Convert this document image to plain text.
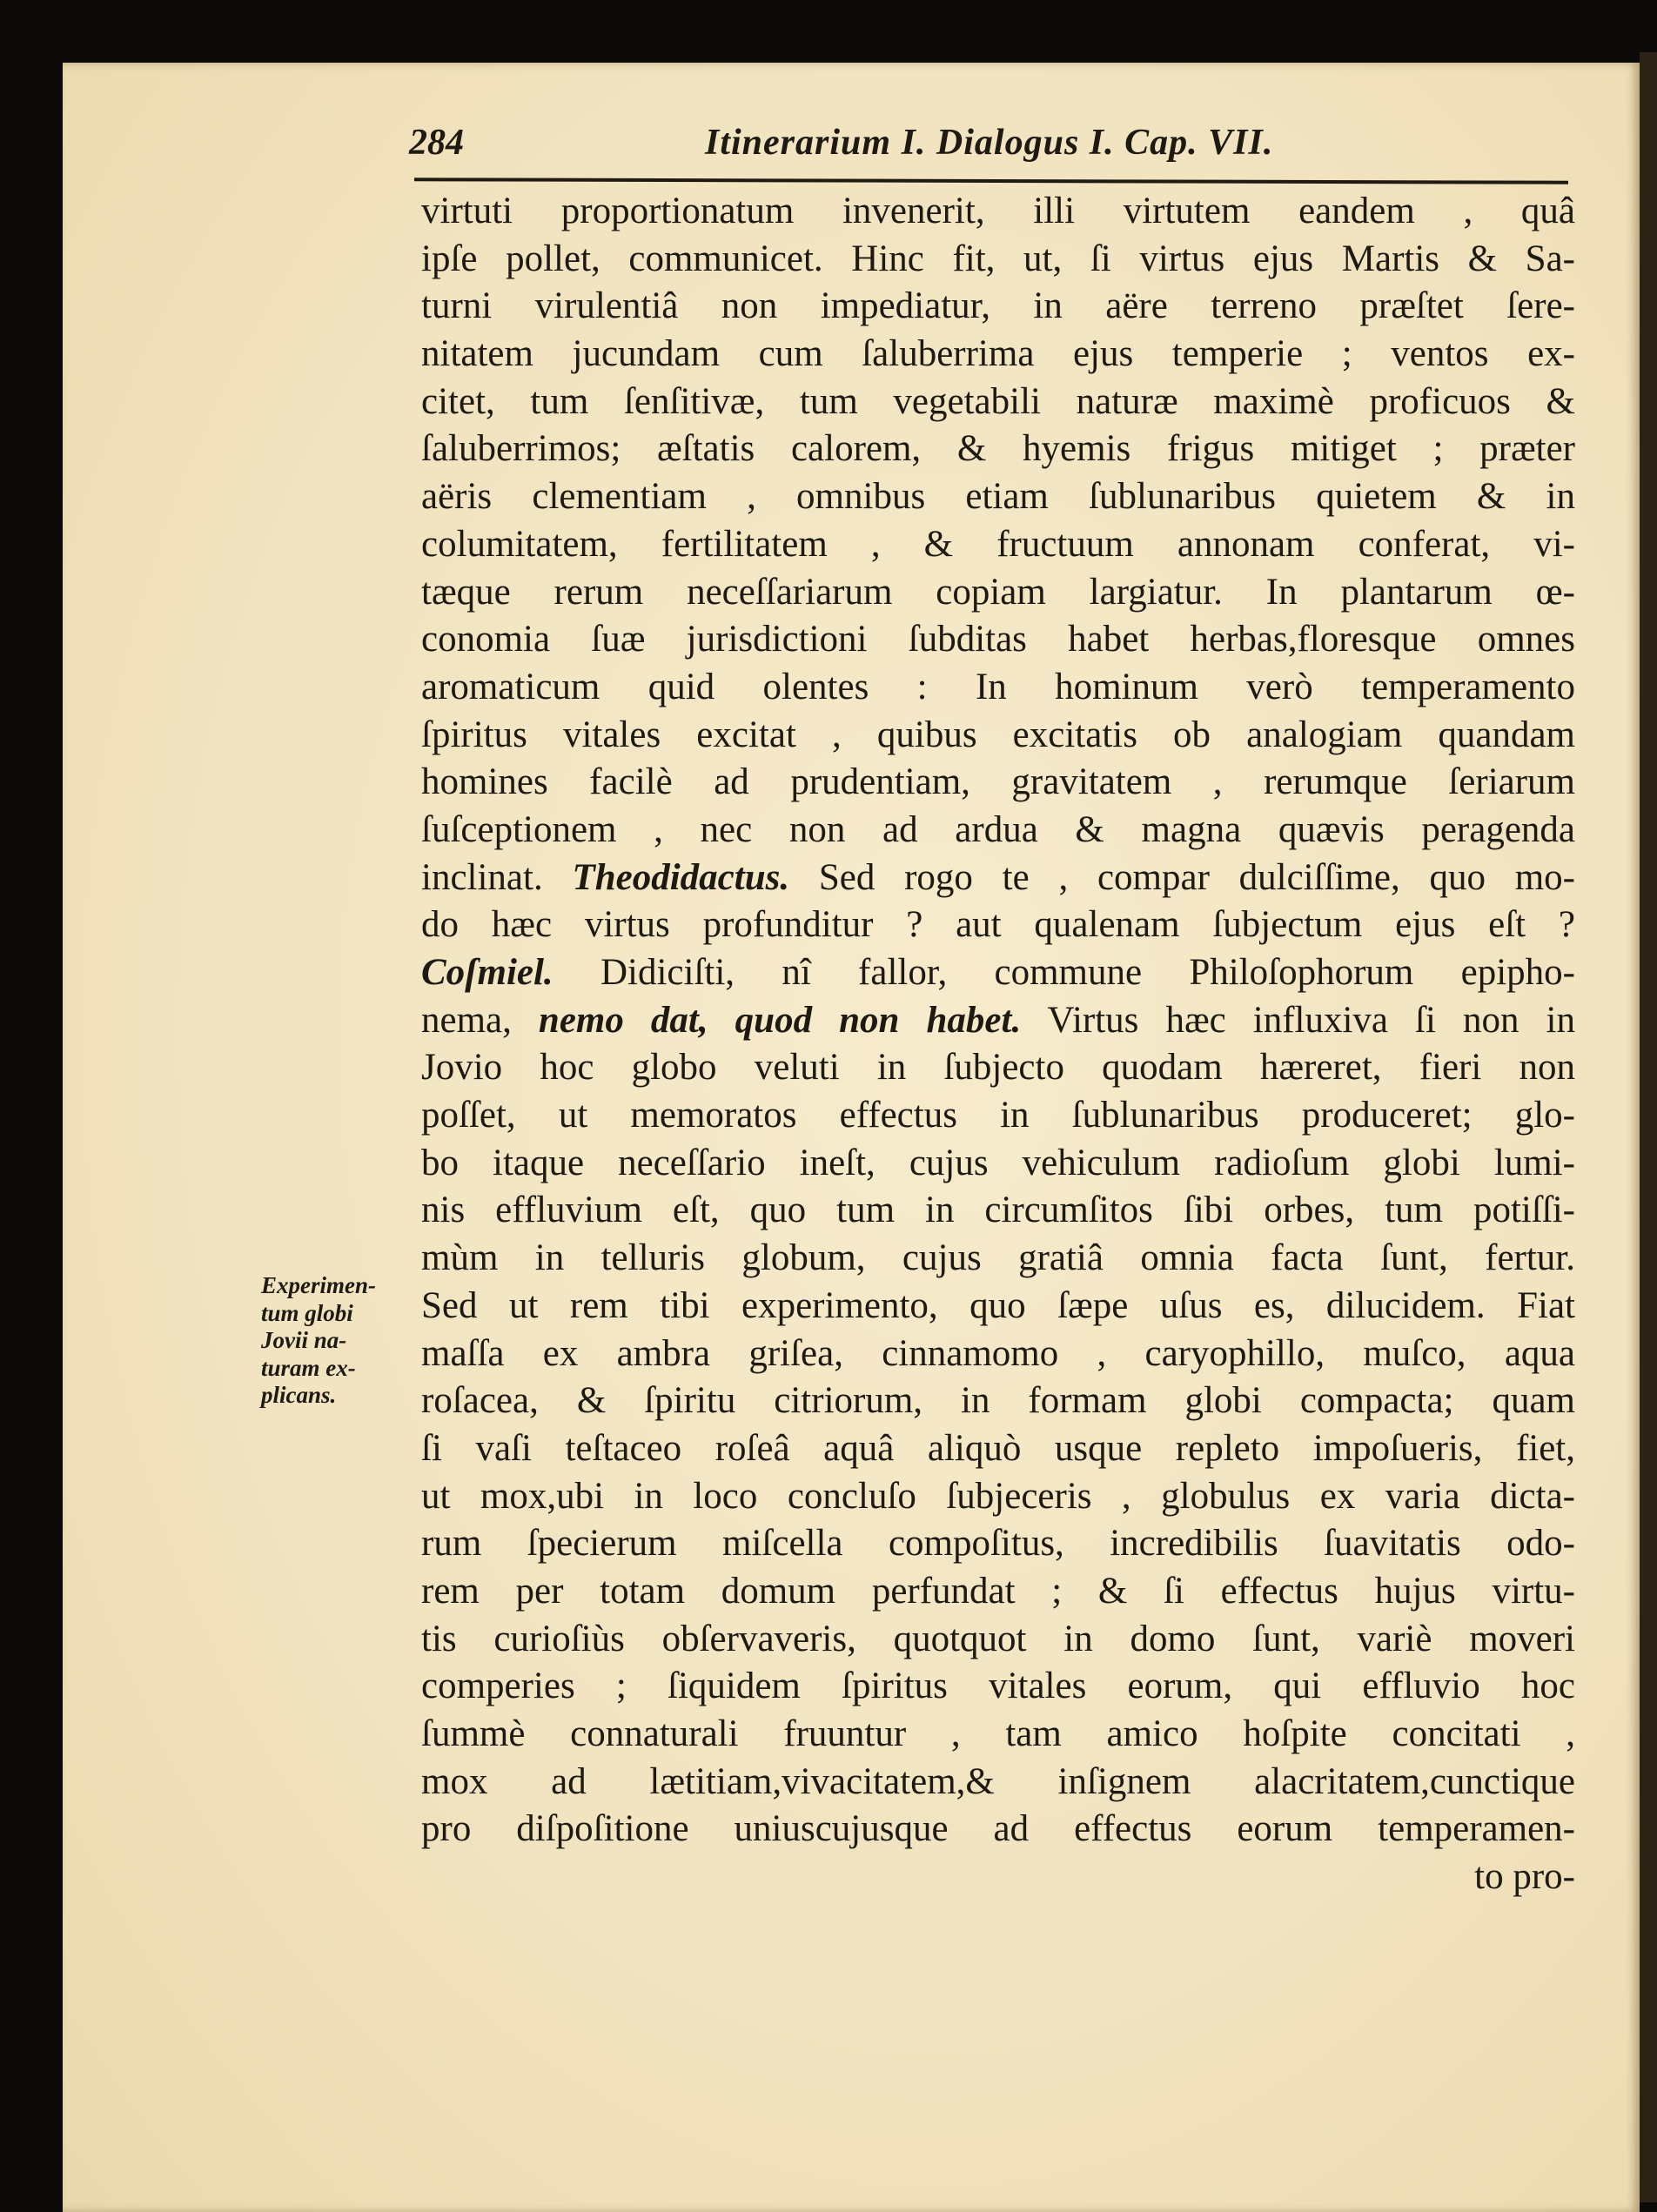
284	Itinerarium I. Dialogus I. Cap. VII.
virtuti proportionatum invenerit, illi virtutem eandem , quâ
ipſe pollet, communicet. Hinc fit, ut, ſi virtus ejus Martis & Sa-
turni virulentiâ non impediatur, in aëre terreno præſtet ſere-
nitatem jucundam cum ſaluberrima ejus temperie ; ventos ex-
citet, tum ſenſitivæ, tum vegetabili naturæ maximè proficuos &
ſaluberrimos; æſtatis calorem, & hyemis frigus mitiget ; præter
aëris clementiam , omnibus etiam ſublunaribus quietem & in
columitatem, fertilitatem , & fructuum annonam conferat, vi-
tæque rerum neceſſariarum copiam largiatur. In plantarum œ-
conomia ſuæ jurisdictioni ſubditas habet herbas,floresque omnes
aromaticum quid olentes : In hominum verò temperamento
ſpiritus vitales excitat , quibus excitatis ob analogiam quandam
homines facilè ad prudentiam, gravitatem , rerumque ſeriarum
ſuſceptionem , nec non ad ardua & magna quævis peragenda
inclinat. Theodidactus. Sed rogo te , compar dulciſſime, quo mo-
do hæc virtus profunditur ? aut qualenam ſubjectum ejus eſt ?
Coſmiel. Didiciſti, nî fallor, commune Philoſophorum epipho-
nema, nemo dat, quod non habet. Virtus hæc influxiva ſi non in
Jovio hoc globo veluti in ſubjecto quodam hæreret, fieri non
poſſet, ut memoratos effectus in ſublunaribus produceret; glo-
bo itaque neceſſario ineſt, cujus vehiculum radioſum globi lumi-
nis effluvium eſt, quo tum in circumſitos ſibi orbes, tum potiſſi-
mùm in telluris globum, cujus gratiâ omnia facta ſunt, fertur.
Sed ut rem tibi experimento, quo ſæpe uſus es, dilucidem. Fiat
maſſa ex ambra griſea, cinnamomo , caryophillo, muſco, aqua
roſacea, & ſpiritu citriorum, in formam globi compacta; quam
ſi vaſi teſtaceo roſeâ aquâ aliquò usque repleto impoſueris, fiet,
ut mox,ubi in loco concluſo ſubjeceris , globulus ex varia dicta-
rum ſpecierum miſcella compoſitus, incredibilis ſuavitatis odo-
rem per totam domum perfundat ; & ſi effectus hujus virtu-
tis curioſiùs obſervaveris, quotquot in domo ſunt, variè moveri
comperies ; ſiquidem ſpiritus vitales eorum, qui effluvio hoc
ſummè connaturali fruuntur , tam amico hoſpite concitati ,
mox ad lætitiam,vivacitatem,& inſignem alacritatem,cunctique
pro diſpoſitione uniuscujusque ad effectus eorum temperamen-
to pro-
Experimen-
tum globi
Jovii na-
turam ex-
plicans.
